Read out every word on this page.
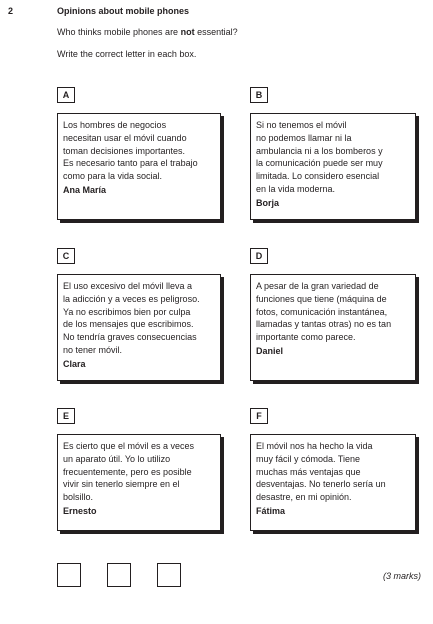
2	Opinions about mobile phones
Who thinks mobile phones are not essential?
Write the correct letter in each box.
A

Los hombres de negocios

necesitan usar el móvil cuando

toman decisiones importantes.

Es necesario tanto para el trabajo

como para la vida social.

Ana María

B

Si no tenemos el móvil

no podemos llamar ni la

ambulancia ni a los bomberos y

la comunicación puede ser muy

limitada. Lo considero esencial

en la vida moderna.

Borja

C

El uso excesivo del móvil lleva a

la adicción y a veces es peligroso.

Ya no escribimos bien por culpa

de los mensajes que escribimos.

No tendría graves consecuencias

no tener móvil.

Clara

D

A pesar de la gran variedad de

funciones que tiene (máquina de

fotos, comunicación instantánea,

llamadas y tantas otras) no es tan

importante como parece.

Daniel

E

Es cierto que el móvil es a veces

un aparato útil. Yo lo utilizo

frecuentemente, pero es posible

vivir sin tenerlo siempre en el

bolsillo.

Ernesto

F

El móvil nos ha hecho la vida

muy fácil y cómoda. Tiene

muchas más ventajas que

desventajas. No tenerlo sería un

desastre, en mi opinión.

Fátima

(3 marks)
